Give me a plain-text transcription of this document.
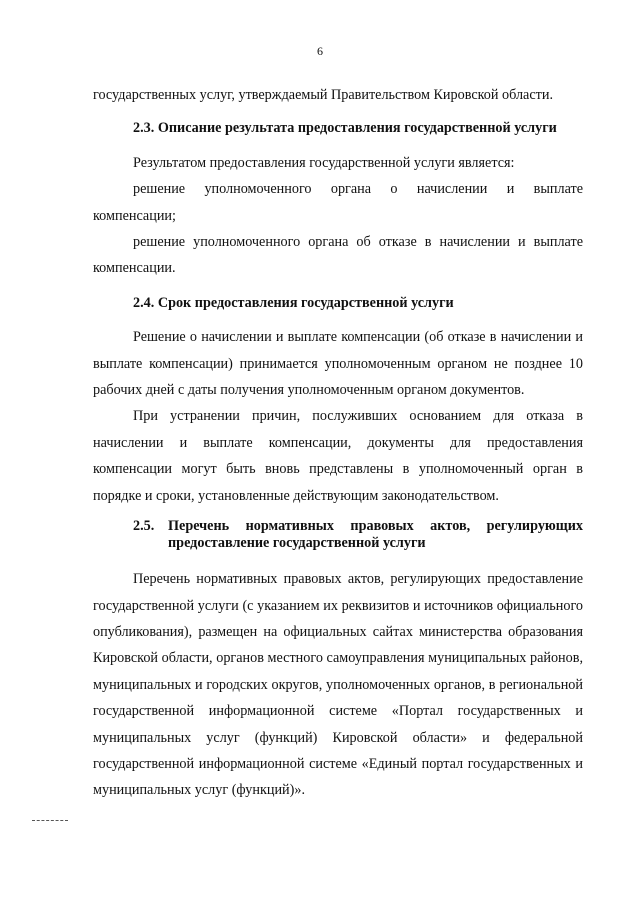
6

государственных услуг, утверждаемый Правительством Кировской области.

2.3. Описание результата предоставления государственной услуги

Результатом предоставления государственной услуги является:

решение уполномоченного органа о начислении и выплате

компенсации;

решение уполномоченного органа об отказе в начислении и выплате

компенсации.

2.4. Срок предоставления государственной услуги

Решение о начислении и выплате компенсации (об отказе в начислении и выплате компенсации) принимается уполномоченным органом не позднее 10 рабочих дней с даты получения уполномоченным органом документов.

При устранении причин, послуживших основанием для отказа в начислении и выплате компенсации, документы для предоставления компенсации могут быть вновь представлены в уполномоченный орган в порядке и сроки, установленные действующим законодательством.

2.5. Перечень нормативных правовых актов, регулирующих
предоставление государственной услуги

Перечень нормативных правовых актов, регулирующих предоставление государственной услуги (с указанием их реквизитов и источников официального опубликования), размещен на официальных сайтах министерства образования Кировской области, органов местного самоуправления муниципальных районов, муниципальных и городских округов, уполномоченных органов, в региональной государственной информационной системе «Портал государственных и муниципальных услуг (функций) Кировской области» и федеральной государственной информационной системе «Единый портал государственных и муниципальных услуг (функций)».
